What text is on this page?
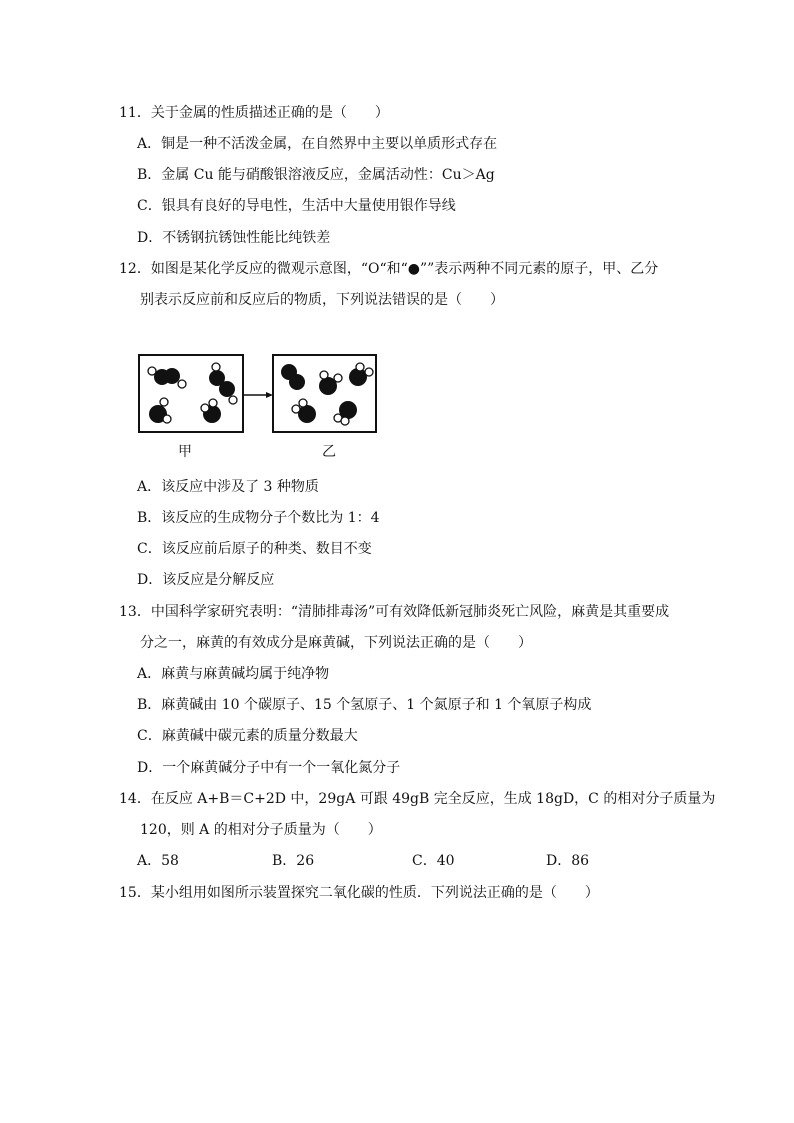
11．关于金属的性质描述正确的是（　　）
A．铜是一种不活泼金属，在自然界中主要以单质形式存在
B．金属 Cu 能与硝酸银溶液反应，金属活动性：Cu＞Ag
C．银具有良好的导电性，生活中大量使用银作导线
D．不锈钢抗锈蚀性能比纯铁差
12．如图是某化学反应的微观示意图，“O“和“●””表示两种不同元素的原子，甲、乙分
别表示反应前和反应后的物质，下列说法错误的是（　　）
甲	乙
A．该反应中涉及了 3 种物质
B．该反应的生成物分子个数比为 1：4
C．该反应前后原子的种类、数目不变
D．该反应是分解反应
13．中国科学家研究表明：“清肺排毒汤”可有效降低新冠肺炎死亡风险，麻黄是其重要成
分之一，麻黄的有效成分是麻黄碱，下列说法正确的是（　　）
A．麻黄与麻黄碱均属于纯净物
B．麻黄碱由 10 个碳原子、15 个氢原子、1 个氮原子和 1 个氧原子构成
C．麻黄碱中碳元素的质量分数最大
D．一个麻黄碱分子中有一个一氧化氮分子
14．在反应 A+B＝C+2D 中，29gA 可跟 49gB 完全反应，生成 18gD，C 的相对分子质量为
120，则 A 的相对分子质量为（　　）
A．58	B．26	C．40	D．86
15．某小组用如图所示装置探究二氧化碳的性质．下列说法正确的是（　　）
